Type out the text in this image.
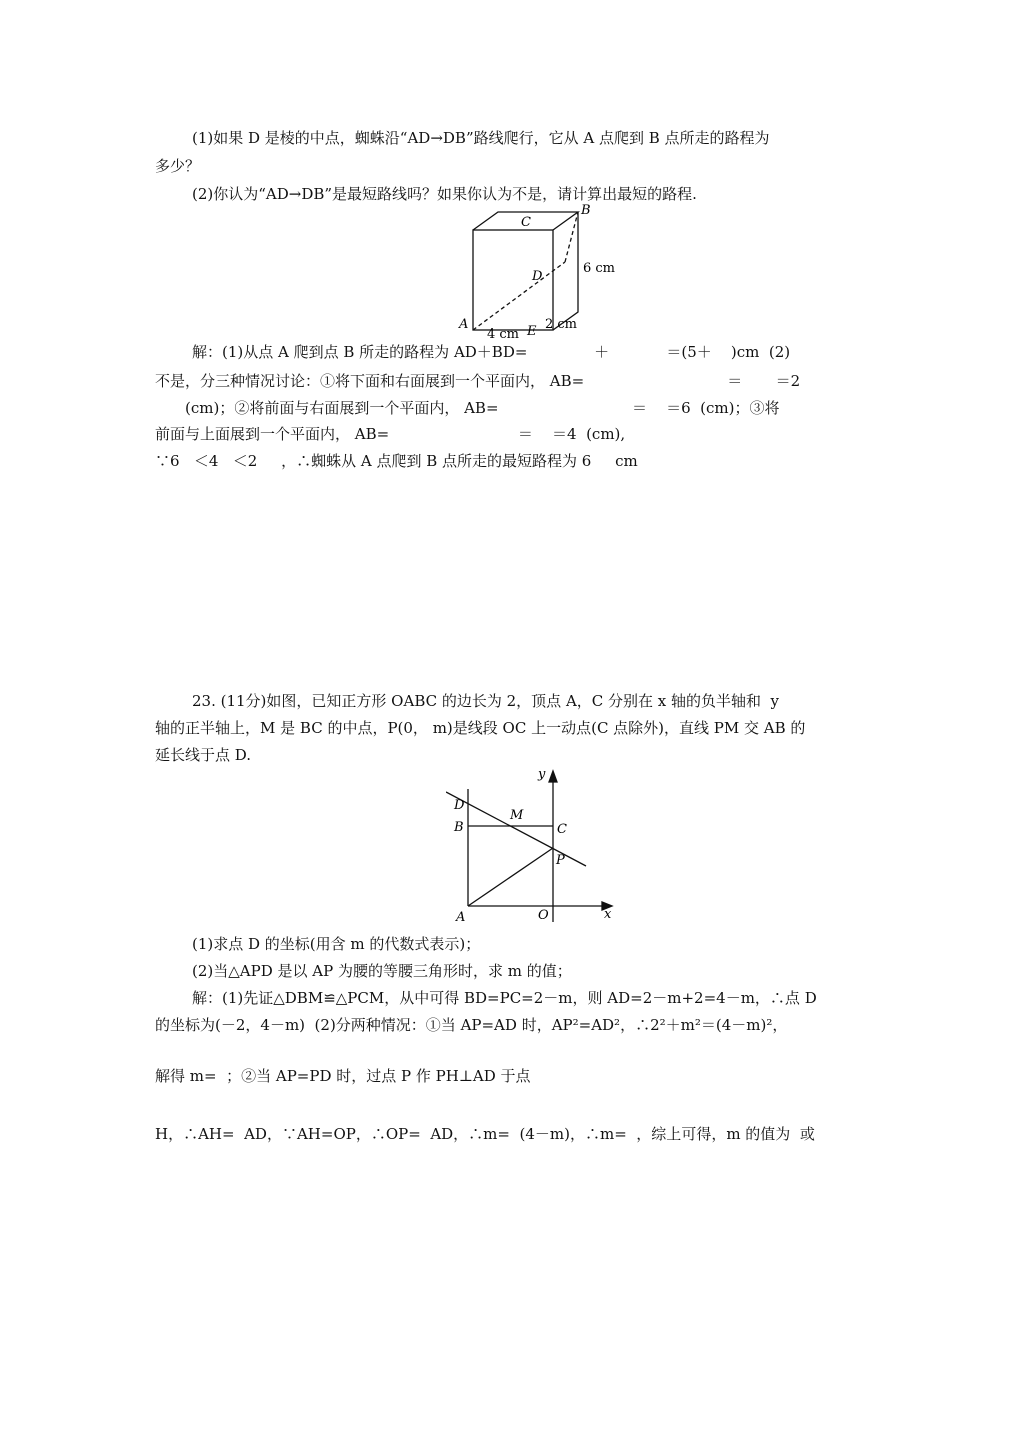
(1)如果 D 是棱的中点，蜘蛛沿“AD→DB”路线爬行，它从 A 点爬到 B 点所走的路程为
多少？
(2)你认为“AD→DB”是最短路线吗？如果你认为不是，请计算出最短的路程.
A
B
C
D
E
6 cm
4 cm
2 cm
解：(1)从点 A 爬到点 B 所走的路程为 AD＋BD=              ＋            ＝(5＋    )cm  (2)
不是，分三种情况讨论：①将下面和右面展到一个平面内， AB=                              ＝       ＝2
(cm)；②将前面与右面展到一个平面内， AB=                            ＝    ＝6  (cm)；③将
前面与上面展到一个平面内， AB=                           ＝    ＝4  (cm),
∵6   ＜4   ＜2     ，∴蜘蛛从 A 点爬到 B 点所走的最短路程为 6     cm
23. (11分)如图，已知正方形 OABC 的边长为 2，顶点 A，C 分别在 x 轴的负半轴和  y
轴的正半轴上，M 是 BC 的中点，P(0， m)是线段 OC 上一动点(C 点除外)，直线 PM 交 AB 的
延长线于点 D.
D
B
M
C
P
A	O	x
y
(1)求点 D 的坐标(用含 m 的代数式表示)；
(2)当△APD 是以 AP 为腰的等腰三角形时，求 m 的值；
解：(1)先证△DBM≌△PCM，从中可得 BD=PC=2－m，则 AD=2－m+2=4－m，∴点 D
的坐标为(－2，4－m)  (2)分两种情况：①当 AP=AD 时，AP²=AD²，∴2²＋m²＝(4－m)²，
解得 m=  ；②当 AP=PD 时，过点 P 作 PH⊥AD 于点
H，∴AH=  AD，∵AH=OP，∴OP=  AD，∴m=  (4－m)，∴m=  ，综上可得，m 的值为  或
